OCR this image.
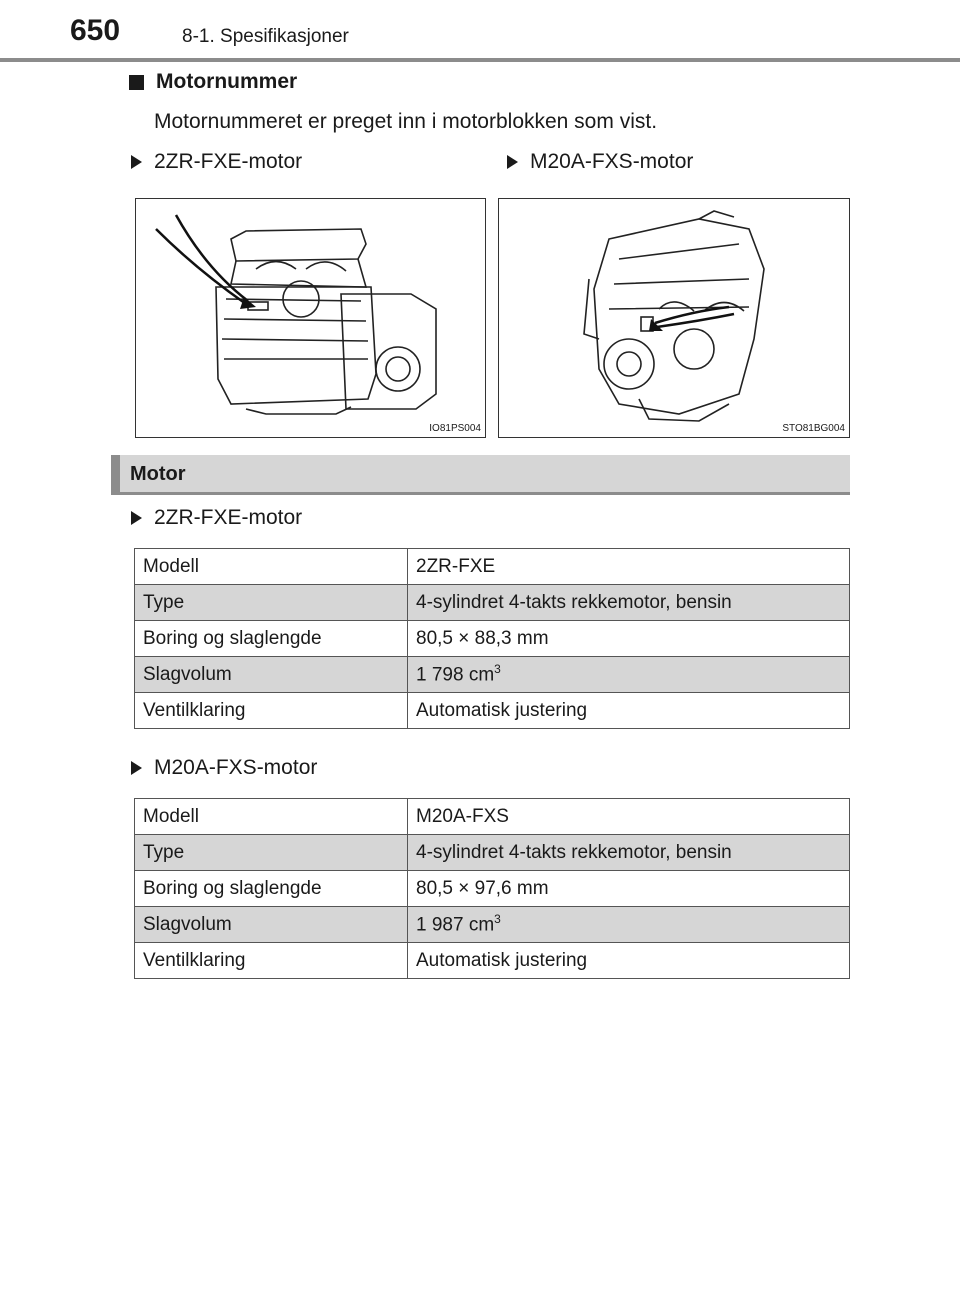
650	8-1. Spesifikasjoner
Motornummer
Motornummeret er preget inn i motorblokken som vist.
2ZR-FXE-motor	M20A-FXS-motor
IO81PS004	STO81BG004
Motor
2ZR-FXE-motor
Modell	2ZR-FXE
Type	4-sylindret 4-takts rekkemotor, bensin
Boring og slaglengde	80,5 × 88,3 mm
Slagvolum	1 798 $cm^3$
Ventilklaring	Automatisk justering
M20A-FXS-motor
Modell	M20A-FXS
Type	4-sylindret 4-takts rekkemotor, bensin
Boring og slaglengde	80,5 × 97,6 mm
Slagvolum	1 987 $cm^3$
Ventilklaring	Automatisk justering
